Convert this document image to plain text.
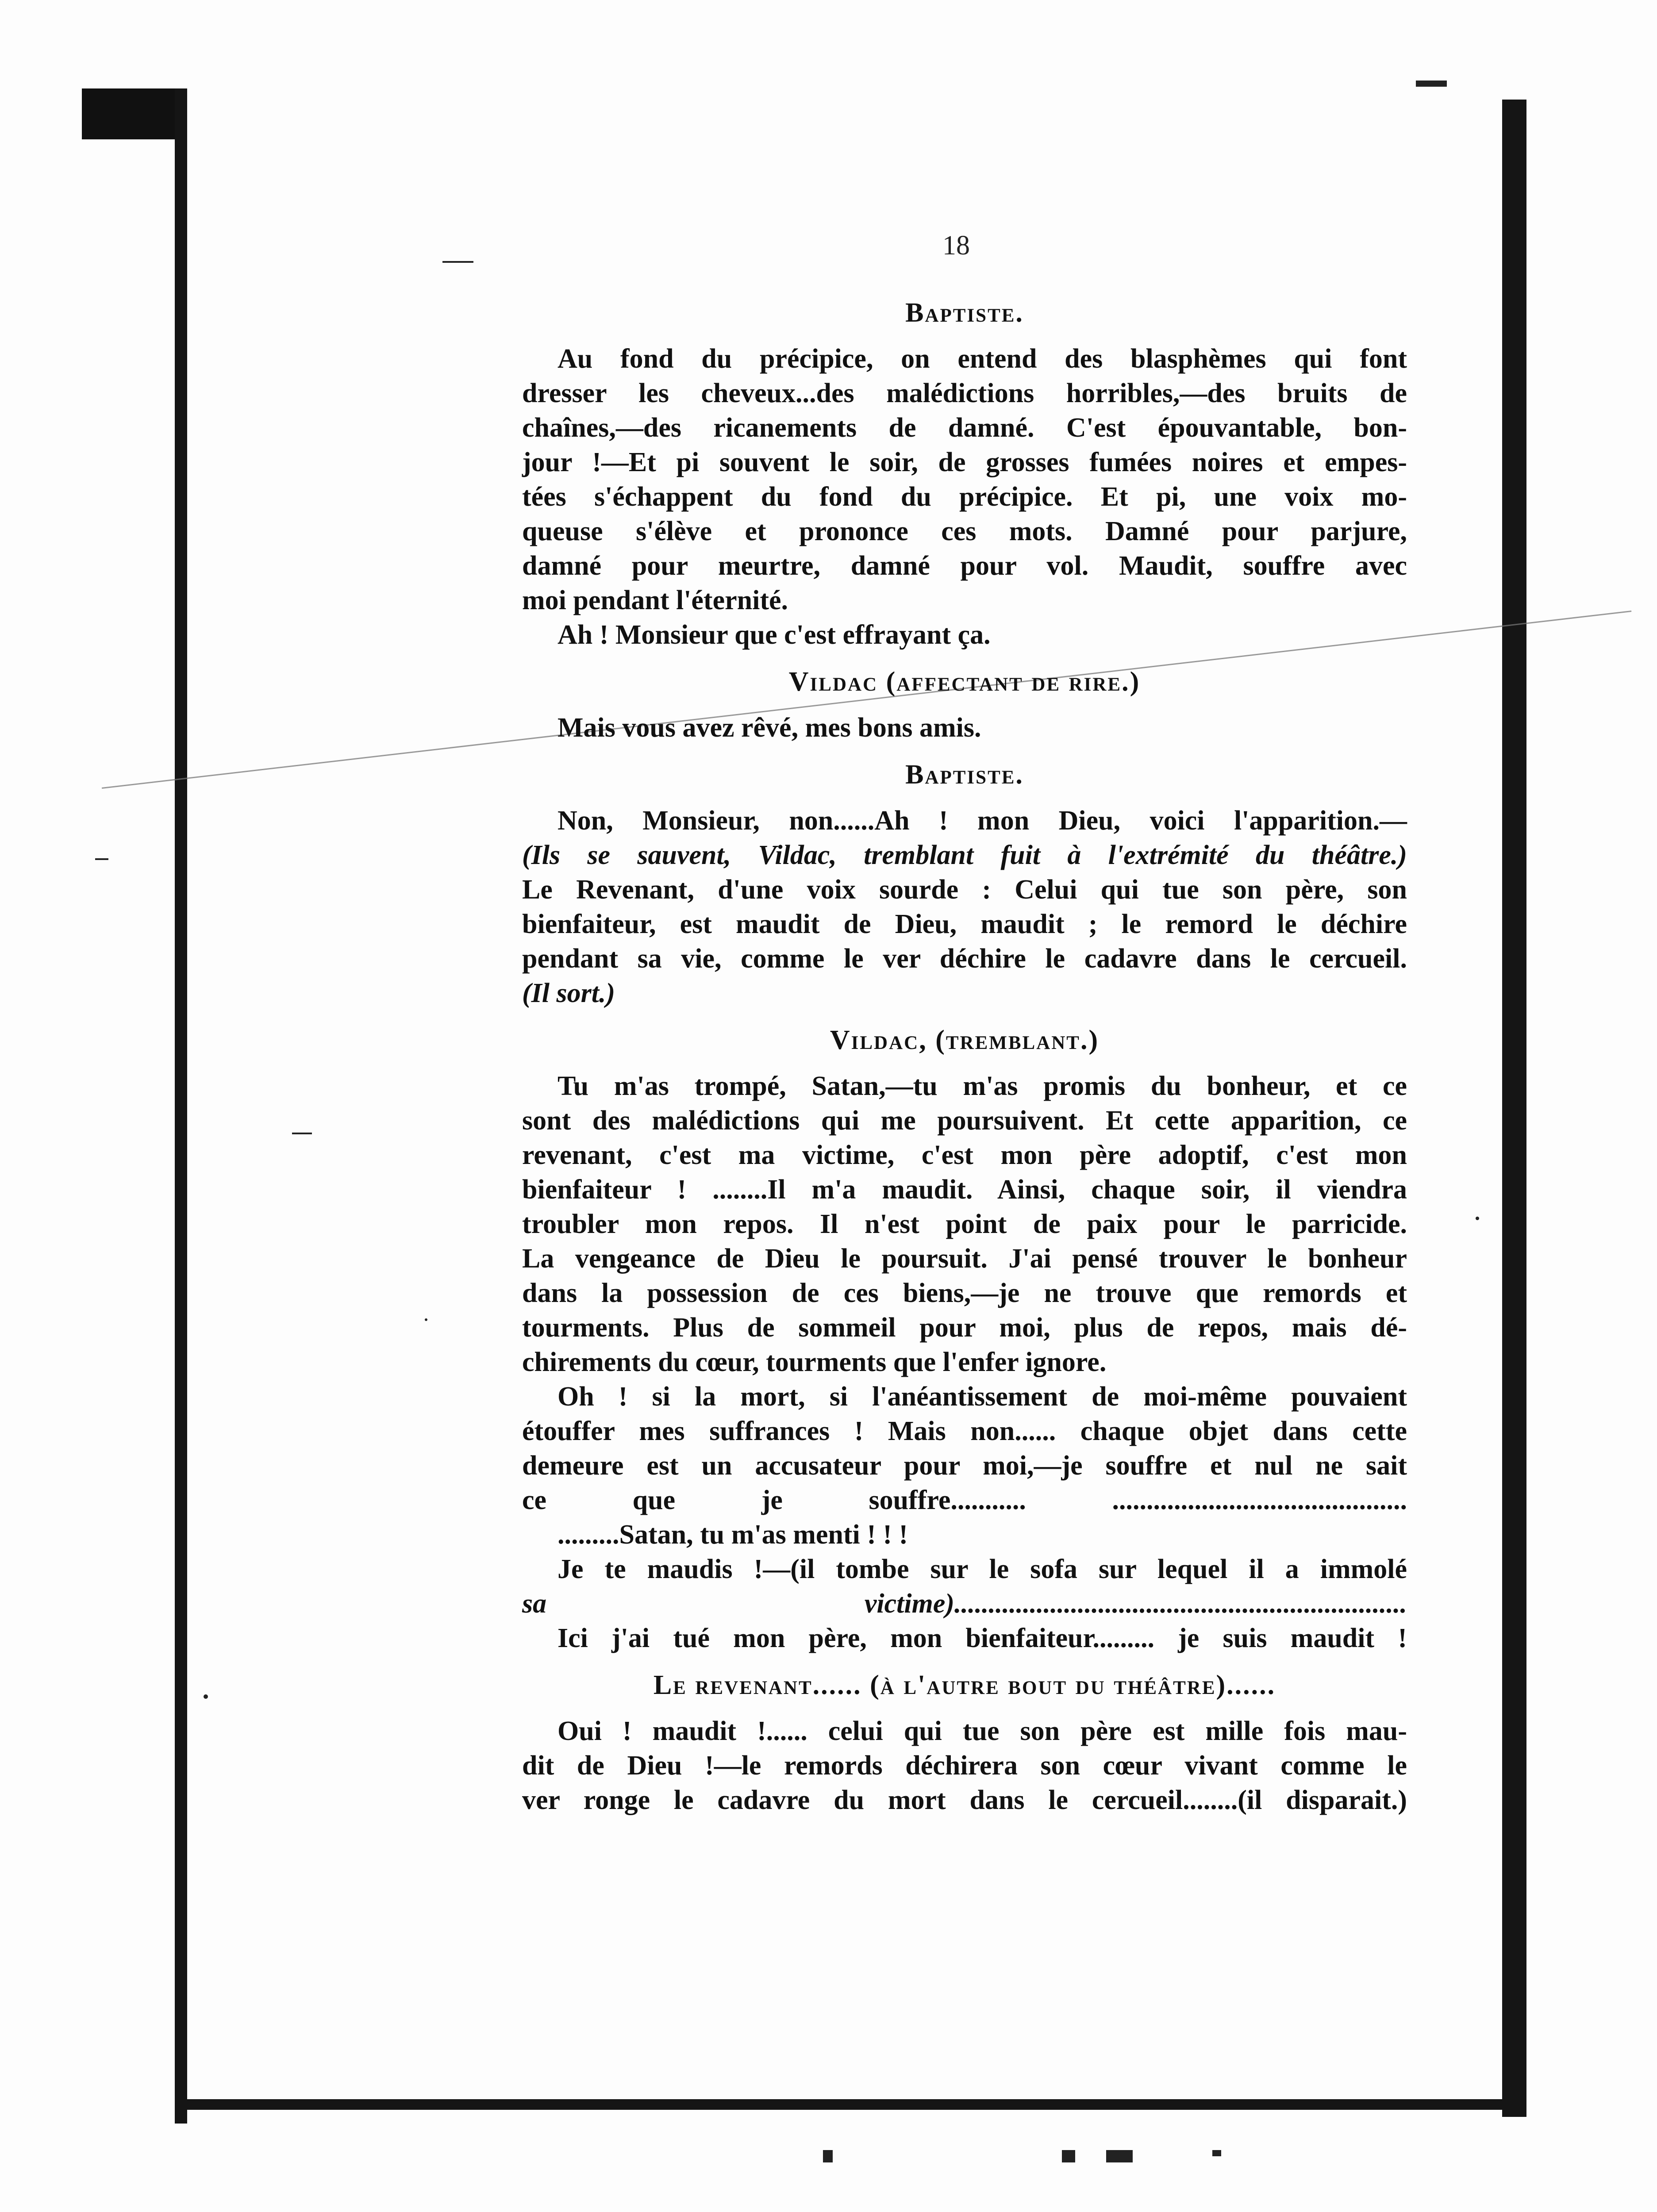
18
Baptiste.
Au fond du précipice, on entend des blasphèmes qui font
dresser les cheveux...des malédictions horribles,—des bruits de
chaînes,—des ricanements de damné. C'est épouvantable, bon-
jour !—Et pi souvent le soir, de grosses fumées noires et empes-
tées s'échappent du fond du précipice. Et pi, une voix mo-
queuse s'élève et prononce ces mots. Damné pour parjure,
damné pour meurtre, damné pour vol. Maudit, souffre avec
moi pendant l'éternité.
Ah ! Monsieur que c'est effrayant ça.
Vildac (affectant de rire.)
Mais vous avez rêvé, mes bons amis.
Baptiste.
Non, Monsieur, non......Ah ! mon Dieu, voici l'apparition.—
(Ils se sauvent, Vildac, tremblant fuit à l'extrémité du théâtre.)
Le Revenant, d'une voix sourde : Celui qui tue son père, son
bienfaiteur, est maudit de Dieu, maudit ; le remord le déchire
pendant sa vie, comme le ver déchire le cadavre dans le cercueil.
(Il sort.)
Vildac, (tremblant.)
Tu m'as trompé, Satan,—tu m'as promis du bonheur, et ce
sont des malédictions qui me poursuivent. Et cette apparition, ce
revenant, c'est ma victime, c'est mon père adoptif, c'est mon
bienfaiteur ! ........Il m'a maudit. Ainsi, chaque soir, il viendra
troubler mon repos. Il n'est point de paix pour le parricide.
La vengeance de Dieu le poursuit. J'ai pensé trouver le bonheur
dans la possession de ces biens,—je ne trouve que remords et
tourments. Plus de sommeil pour moi, plus de repos, mais dé-
chirements du cœur, tourments que l'enfer ignore.
Oh ! si la mort, si l'anéantissement de moi-même pouvaient
étouffer mes suffrances ! Mais non...... chaque objet dans cette
demeure est un accusateur pour moi,—je souffre et nul ne sait
ce que je souffre........... ...........................................
.........Satan, tu m'as menti ! ! !
Je te maudis !—(il tombe sur le sofa sur lequel il a immolé
sa victime)..................................................................
Ici j'ai tué mon père, mon bienfaiteur......... je suis maudit !
Le revenant...... (à l'autre bout du théâtre)......
Oui ! maudit !...... celui qui tue son père est mille fois mau-
dit de Dieu !—le remords déchirera son cœur vivant comme le
ver ronge le cadavre du mort dans le cercueil........(il disparait.)
